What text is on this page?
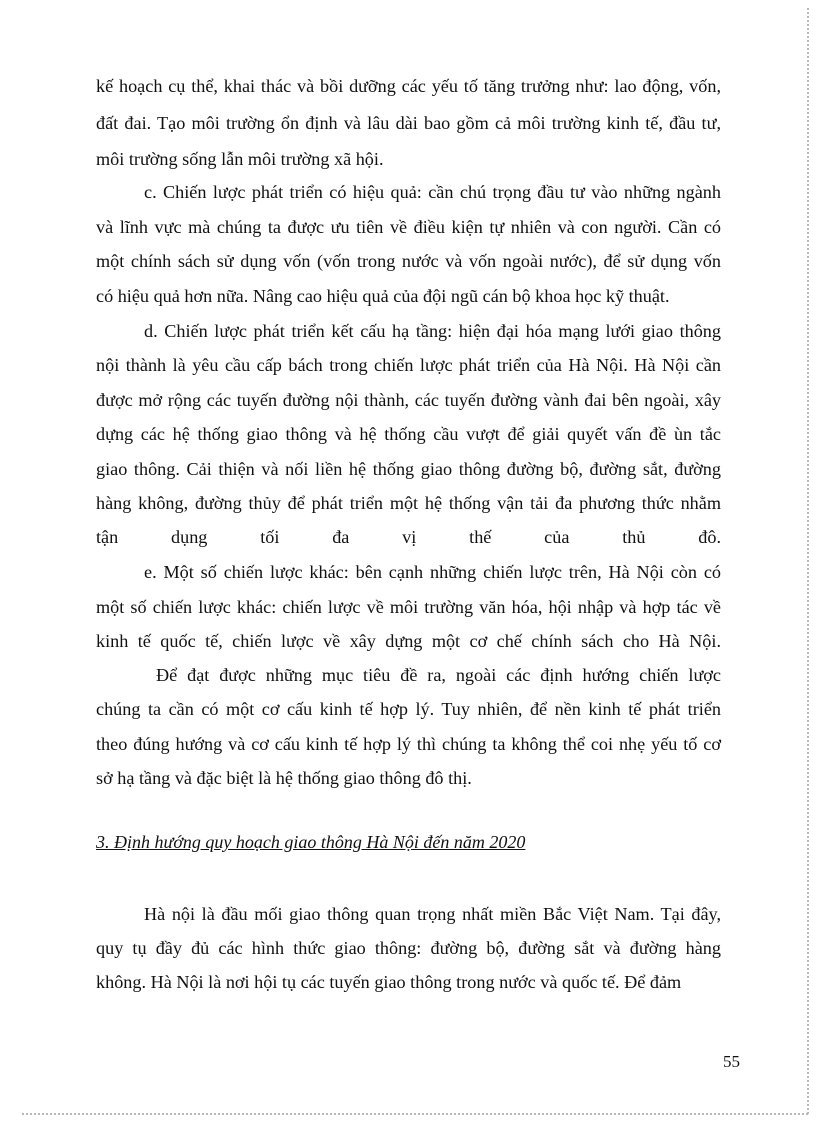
kế hoạch cụ thể, khai thác và bồi dưỡng các yếu tố tăng trưởng như: lao động, vốn,
đất đai. Tạo môi trường ổn định và lâu dài bao gồm cả môi trường kinh tế, đầu tư,
môi trường sống lẫn môi trường xã hội.
c. Chiến lược phát triển có hiệu quả: cần chú trọng đầu tư vào những ngành
và lĩnh vực mà chúng ta được ưu tiên về điều kiện tự nhiên và con người. Cần có
một chính sách sử dụng vốn (vốn trong nước và vốn ngoài nước), để sử dụng vốn
có hiệu quả hơn nữa. Nâng cao hiệu quả của đội ngũ cán bộ khoa học kỹ thuật.
d. Chiến lược phát triển kết cấu hạ tầng: hiện đại hóa mạng lưới giao thông
nội thành là yêu cầu cấp bách trong chiến lược phát triển của Hà Nội. Hà Nội cần
được mở rộng các tuyến đường nội thành, các tuyến đường vành đai bên ngoài, xây
dựng các hệ thống giao thông và hệ thống cầu vượt để giải quyết vấn đề ùn tắc
giao thông. Cải thiện và nối liền hệ thống giao thông đường bộ, đường sắt, đường
hàng không, đường thủy để phát triển một hệ thống vận tải đa phương thức nhằm
tận dụng tối đa vị thế của thủ đô.
e. Một số chiến lược khác: bên cạnh những chiến lược trên, Hà Nội còn có
một số chiến lược khác: chiến lược về môi trường văn hóa, hội nhập và hợp tác về
kinh tế quốc tế, chiến lược về xây dựng một cơ chế chính sách cho Hà Nội.
Để đạt được những mục tiêu đề ra, ngoài các định hướng chiến lược
chúng ta cần có một cơ cấu kinh tế hợp lý. Tuy nhiên, để nền kinh tế phát triển
theo đúng hướng và cơ cấu kinh tế hợp lý thì chúng ta không thể coi nhẹ yếu tố cơ
sở hạ tầng và đặc biệt là hệ thống giao thông đô thị.
3. Định hướng quy hoạch giao thông Hà Nội đến năm 2020
Hà nội là đầu mối giao thông quan trọng nhất miền Bắc Việt Nam. Tại đây,
quy tụ đầy đủ các hình thức giao thông: đường bộ, đường sắt và đường hàng
không. Hà Nội là nơi hội tụ các tuyến giao thông trong nước và quốc tế. Để đảm
55
